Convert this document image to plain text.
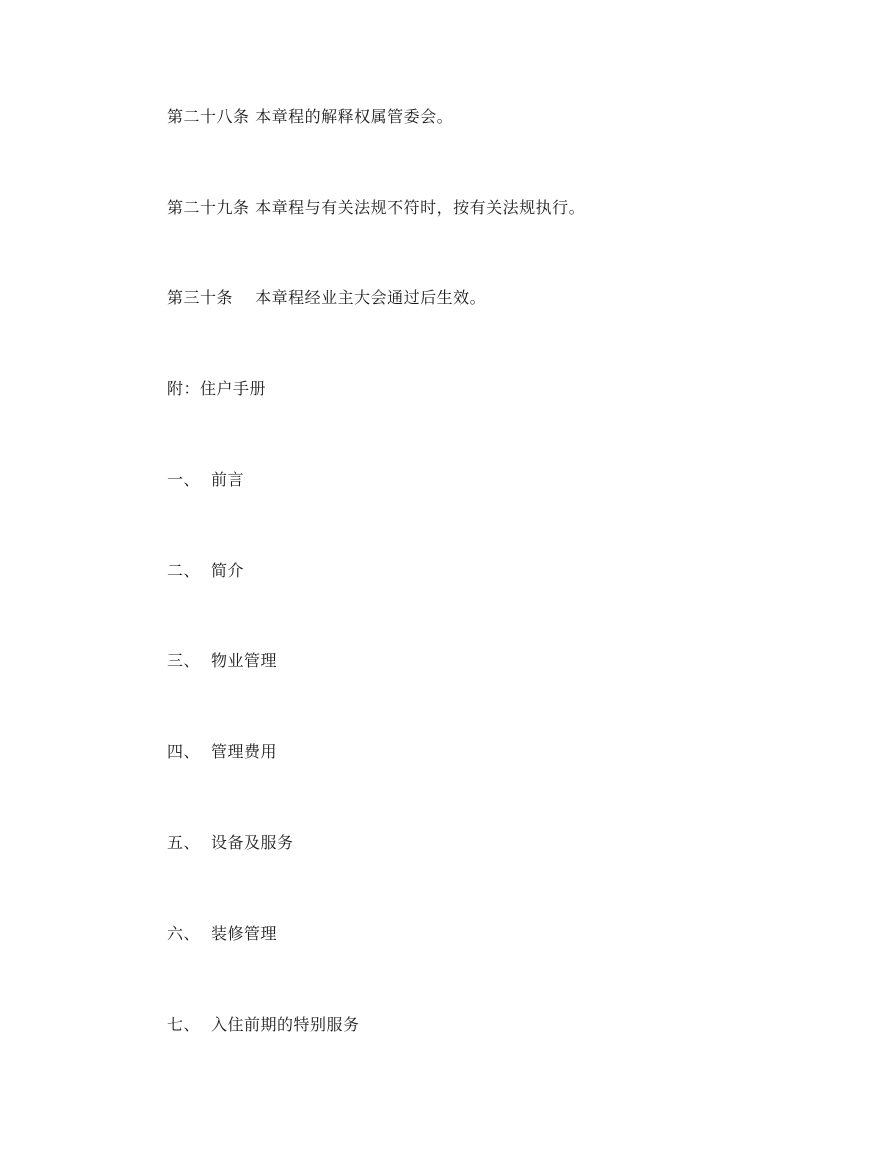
第二十八条 本章程的解释权属管委会。
第二十九条 本章程与有关法规不符时，按有关法规执行。
第三十条　 本章程经业主大会通过后生效。
附：住户手册
一、 前言
二、 简介
三、 物业管理
四、 管理费用
五、 设备及服务
六、 装修管理
七、 入住前期的特别服务
